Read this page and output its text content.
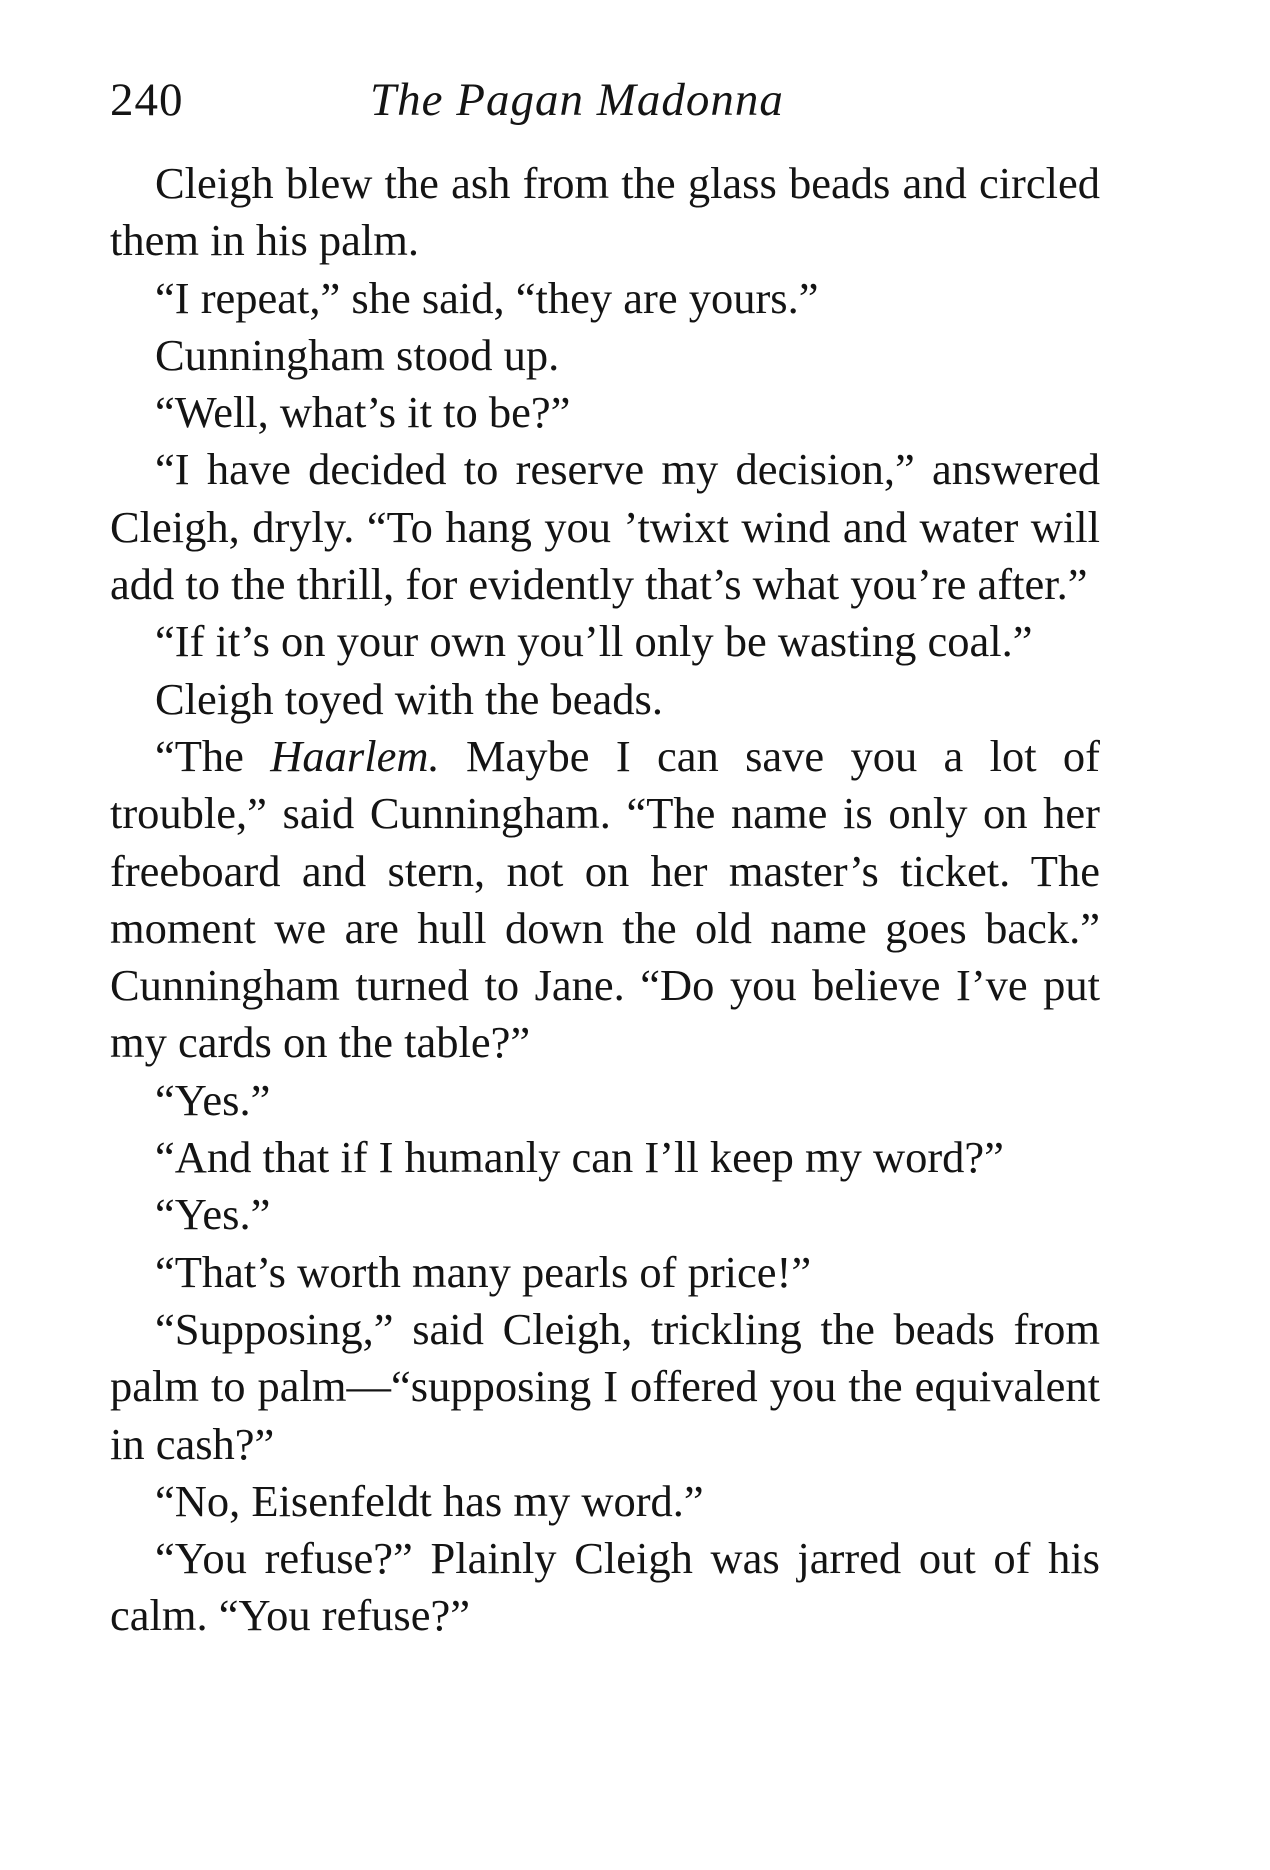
240	The Pagan Madonna

Cleigh blew the ash from the glass beads and circled them in his palm.

“I repeat,” she said, “they are yours.”

Cunningham stood up.

“Well, what’s it to be?”

“I have decided to reserve my decision,” answered Cleigh, dryly. “To hang you ’twixt wind and water will add to the thrill, for evidently that’s what you’re after.”

“If it’s on your own you’ll only be wasting coal.”

Cleigh toyed with the beads.

“The Haarlem. Maybe I can save you a lot of trouble,” said Cunningham. “The name is only on her freeboard and stern, not on her master’s ticket. The moment we are hull down the old name goes back.” Cunningham turned to Jane. “Do you believe I’ve put my cards on the table?”

“Yes.”

“And that if I humanly can I’ll keep my word?”

“Yes.”

“That’s worth many pearls of price!”

“Supposing,” said Cleigh, trickling the beads from palm to palm—“supposing I offered you the equivalent in cash?”

“No, Eisenfeldt has my word.”

“You refuse?” Plainly Cleigh was jarred out of his calm. “You refuse?”
